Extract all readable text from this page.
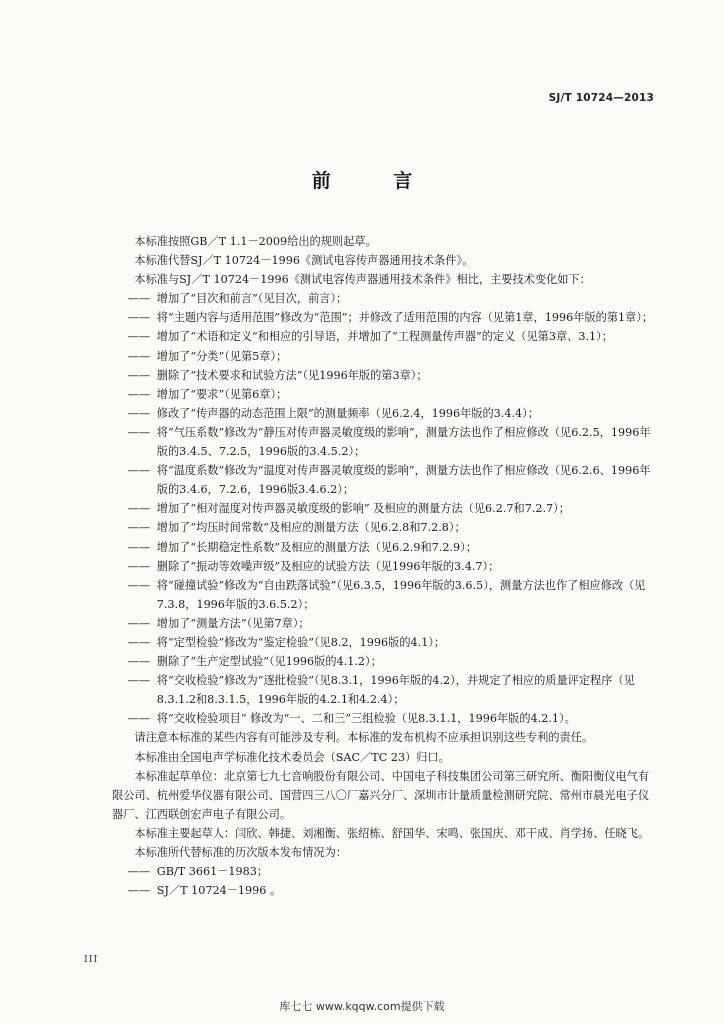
SJ/T 10724—2013
前 言

本标准按照GB／T 1.1－2009给出的规则起草。

本标准代替SJ／T 10724－1996《测试电容传声器通用技术条件》。

本标准与SJ／T 10724－1996《测试电容传声器通用技术条件》相比，主要技术变化如下：

—— 增加了“目次和前言”（见目次，前言）；

—— 将“主题内容与适用范围”修改为“范围”；并修改了适用范围的内容（见第1章，1996年版的第1章）；

—— 增加了“术语和定义”和相应的引导语，并增加了“工程测量传声器”的定义（见第3章、3.1）；

—— 增加了“分类”（见第5章）；

—— 删除了“技术要求和试验方法”（见1996年版的第3章）；

—— 增加了“要求”（见第6章）；

—— 修改了“传声器的动态范围上限”的测量频率（见6.2.4，1996年版的3.4.4）；

—— 将“气压系数”修改为“静压对传声器灵敏度级的影响”，测量方法也作了相应修改（见6.2.5，1996年版的3.4.5、7.2.5，1996版的3.4.5.2）；

—— 将“温度系数”修改为“温度对传声器灵敏度级的影响”，测量方法也作了相应修改（见6.2.6、1996年版的3.4.6，7.2.6，1996版3.4.6.2）；

—— 增加了“相对湿度对传声器灵敏度级的影响” 及相应的测量方法（见6.2.7和7.2.7）；

—— 增加了“均压时间常数”及相应的测量方法（见6.2.8和7.2.8）；

—— 增加了“长期稳定性系数”及相应的测量方法（见6.2.9和7.2.9）；

—— 删除了“振动等效噪声级”及相应的试验方法（见1996年版的3.4.7）；

—— 将“碰撞试验”修改为“自由跌落试验”（见6.3.5，1996年版的3.6.5），测量方法也作了相应修改（见7.3.8，1996年版的3.6.5.2）；

—— 增加了“测量方法”（见第7章）；

—— 将“定型检验”修改为“鉴定检验”（见8.2，1996版的4.1）；

—— 删除了“生产定型试验”（见1996版的4.1.2）；

—— 将“交收检验”修改为“逐批检验”（见8.3.1，1996年版的4.2），并规定了相应的质量评定程序（见8.3.1.2和8.3.1.5，1996年版的4.2.1和4.2.4）；

—— 将“交收检验项目” 修改为“一、二和三”三组检验（见8.3.1.1，1996年版的4.2.1）。

请注意本标准的某些内容有可能涉及专利。本标准的发布机构不应承担识别这些专利的责任。

本标准由全国电声学标准化技术委员会（SAC／TC 23）归口。

本标准起草单位：北京第七九七音响股份有限公司、中国电子科技集团公司第三研究所、衡阳衡仪电气有限公司、杭州爱华仪器有限公司、国营四三八〇厂嘉兴分厂、深圳市计量质量检测研究院、常州市晨光电子仪器厂、江西联创宏声电子有限公司。

本标准主要起草人：闫欣、韩捷、刘湘衡、张绍栋、舒国华、宋鸣、张国庆、邓干成、肖学扬、任晓飞。

本标准所代替标准的历次版本发布情况为：

—— GB/T 3661－1983；

—— SJ／T 10724－1996 。

III
库七七 www.kqqw.com提供下载
